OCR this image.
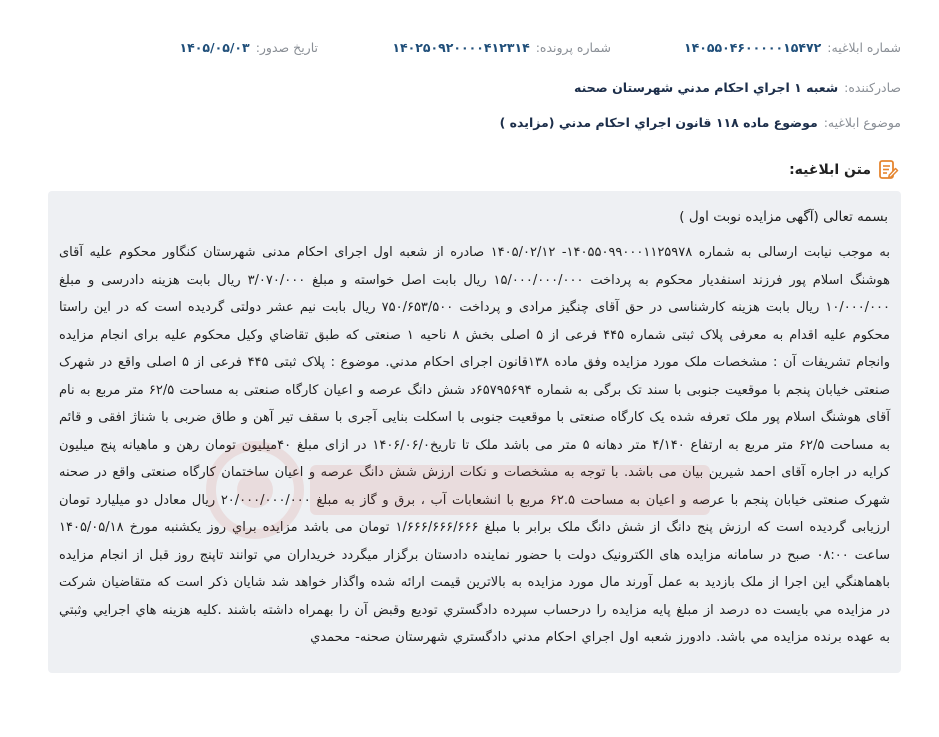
شماره ابلاغيه:
۱۴۰۵۵۰۴۶۰۰۰۰۰۱۵۴۷۲
شماره پرونده:
۱۴۰۲۵۰۹۲۰۰۰۰۴۱۲۳۱۴
تاريخ صدور:
۱۴۰۵/۰۵/۰۳
صادرکننده:
شعبه ۱ اجراي احکام مدني شهرستان صحنه
موضوع ابلاغيه:
موضوع ماده ۱۱۸ قانون اجراي احکام مدني (مزايده )
متن ابلاغيه:
بسمه تعالی (آگهی مزایده نوبت اول )
به موجب نیابت ارسالی به شماره ۱۴۰۵۵۰۹۹۰۰۰۱۱۲۵۹۷۸- ۱۴۰۵/۰۲/۱۲ صادره از شعبه اول اجرای احکام مدنی شهرستان کنگاور محکوم علیه آقای هوشنگ اسلام پور فرزند اسنفدیار محکوم به پرداخت ۱۵/۰۰۰/۰۰۰/۰۰۰ ریال بابت اصل خواسته و مبلغ ۳/۰۷۰/۰۰۰ ریال بابت هزینه دادرسی و مبلغ ۱۰/۰۰۰/۰۰۰ ریال بابت هزینه کارشناسی در حق آقای چنگیز مرادی و پرداخت ۷۵۰/۶۵۳/۵۰۰ ریال بابت نیم عشر دولتی گردیده است که در این راستا محکوم علیه اقدام به معرفی پلاک ثبتی شماره ۴۴۵ فرعی از ۵ اصلی بخش ۸ ناحیه ۱ صنعتی که طبق تقاضاي وکیل محکوم علیه برای انجام مزایده وانجام تشریفات آن : مشخصات ملک مورد مزایده وفق ماده ۱۳۸قانون اجرای احکام مدني. موضوع : پلاک ثبتی ۴۴۵ فرعی از ۵ اصلی واقع در شهرک صنعتی خیابان پنجم با موقعیت جنوبی با سند تک برگی به شماره ۶۵۷۹۵۶۹۴د شش دانگ عرصه و اعیان کارگاه صنعتی به مساحت ۶۲/۵ متر مربع به نام آقای هوشنگ اسلام پور ملک تعرفه شده یک کارگاه صنعتی با موقعیت جنوبی با اسکلت بنایی آجری با سقف تیر آهن و طاق ضربی با شناژ افقی و قائم به مساحت ۶۲/۵ متر مربع به ارتفاع ۴/۱۴۰ متر دهانه ۵ متر می باشد ملک تا تاریخ۱۴۰۶/۰۶/۰ در ازای مبلغ ۴۰میلیون تومان رهن و ماهیانه پنج میلیون کرایه در اجاره آقای احمد شیرین بیان می باشد. با توجه به مشخصات و نکات ارزش شش دانگ عرصه و اعیان ساختمان کارگاه صنعتی واقع در صحنه شهرک صنعتی خیابان پنجم با عرصه و اعیان به مساحت ۶۲.۵ مربع با انشعابات آب ، برق و گاز به مبلغ ۲۰/۰۰۰/۰۰۰/۰۰۰ ریال معادل دو میلیارد تومان ارزیابی گردیده است که ارزش پنج دانگ از شش دانگ ملک برابر با مبلغ ۱/۶۶۶/۶۶۶/۶۶۶ تومان می باشد مزايده براي روز یکشنبه مورخ ۱۴۰۵/۰۵/۱۸ ساعت ۰۸:۰۰ صبح در سامانه مزایده های الکترونیک دولت با حضور نماينده دادستان برگزار ميگردد خريداران مي توانند تاپنج روز قبل از انجام مزايده باهماهنگي اين اجرا از ملک بازديد به عمل آورند مال مورد مزايده به بالاترين قيمت ارائه شده واگذار خواهد شد شايان ذکر است که متقاضيان شرکت در مزايده مي بايست ده درصد از مبلغ پايه مزايده را درحساب سپرده دادگستري توديع وقبض آن را بهمراه داشته باشند .کليه هزينه هاي اجرايي وثبتي به عهده برنده مزايده مي باشد. دادورز شعبه اول اجراي احکام مدني دادگستري شهرستان صحنه- محمدي
